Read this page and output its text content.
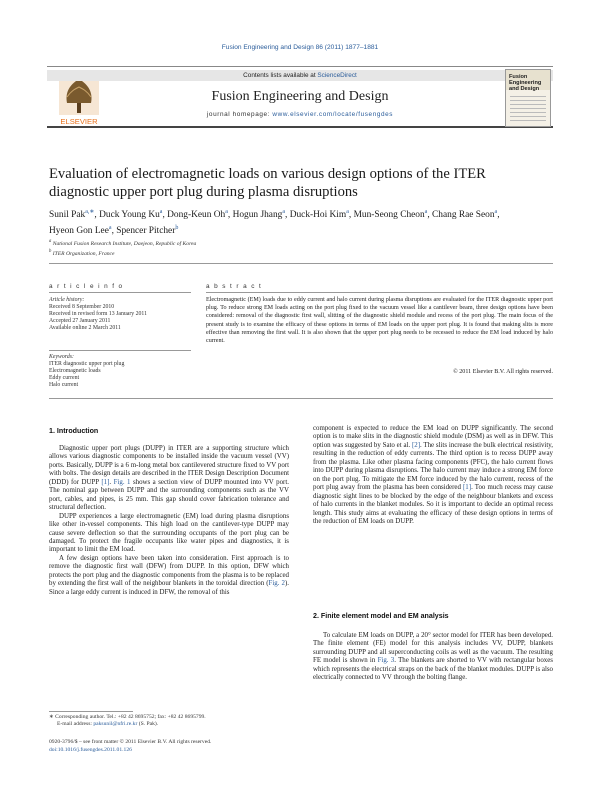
Fusion Engineering and Design 86 (2011) 1877–1881
ELSEVIER
Contents lists available at ScienceDirect
Fusion Engineering and Design
journal homepage: www.elsevier.com/locate/fusengdes
Fusion Engineering and Design
Evaluation of electromagnetic loads on various design options of the ITER diagnostic upper port plug during plasma disruptions
Sunil Pak$^{a,∗}$, Duck Young Ku$^a$, Dong-Keun Oh$^a$, Hogun Jhang$^a$, Duck-Hoi Kim$^a$, Mun-Seong Cheon$^a$, Chang Rae Seon$^a$, Hyeon Gon Lee$^a$, Spencer Pitcher$^b$
$^a$ National Fusion Research Institute, Daejeon, Republic of Korea
$^b$ ITER Organization, France
a r t i c l e i n f o
Article history:
Received 8 September 2010
Received in revised form 13 January 2011
Accepted 27 January 2011
Available online 2 March 2011
Keywords:
ITER diagnostic upper port plug
Electromagnetic loads
Eddy current
Halo current
a b s t r a c t
Electromagnetic (EM) loads due to eddy current and halo current during plasma disruptions are evaluated for the ITER diagnostic upper port plug. To reduce strong EM loads acting on the port plug fixed to the vacuum vessel like a cantilever beam, three design options have been considered: removal of the diagnostic first wall, slitting of the diagnostic shield module and recess of the port plug. The main focus of the present study is to examine the efficacy of these options in terms of EM loads on the upper port plug. It is found that making slits is more effective than removing the first wall. It is also shown that the upper port plug needs to be recessed to reduce the EM load induced by halo current.
© 2011 Elsevier B.V. All rights reserved.
1. Introduction

Diagnostic upper port plugs (DUPP) in ITER are a supporting structure which allows various diagnostic components to be installed inside the vacuum vessel (VV) ports. Basically, DUPP is a 6 m-long metal box cantilevered structure fixed to VV port with bolts. The design details are described in the ITER Design Description Document (DDD) for DUPP [1]. Fig. 1 shows a section view of DUPP mounted into VV port. The nominal gap between DUPP and the surrounding components such as the VV port, cables, and pipes, is 25 mm. This gap should cover fabrication tolerance and structural deflection.

DUPP experiences a large electromagnetic (EM) load during plasma disruptions like other in-vessel components. This high load on the cantilever-type DUPP may cause severe deflection so that the surrounding occupants of the port plug can be damaged. To protect the fragile occupants like water pipes and diagnostics, it is important to limit the EM load.

A few design options have been taken into consideration. First approach is to remove the diagnostic first wall (DFW) from DUPP. In this option, DFW which protects the port plug and the diagnostic components from the plasma is to be replaced by extending the first wall of the neighbour blankets in the toroidal direction (Fig. 2). Since a large eddy current is induced in DFW, the removal of this

∗ Corresponding author. Tel.: +82 42 8695752; fax: +82 42 8695799.
E-mail address: paksunil@nfri.re.kr (S. Pak).
0920-3796/$ – see front matter © 2011 Elsevier B.V. All rights reserved.
doi:10.1016/j.fusengdes.2011.01.126

component is expected to reduce the EM load on DUPP significantly. The second option is to make slits in the diagnostic shield module (DSM) as well as in DFW. This option was suggested by Sato et al. [2]. The slits increase the bulk electrical resistivity, resulting in the reduction of eddy currents. The third option is to recess DUPP away from the plasma. Like other plasma facing components (PFC), the halo current flows into DUPP during plasma disruptions. The halo current may induce a strong EM force on the port plug. To mitigate the EM force induced by the halo current, recess of the port plug away from the plasma has been considered [1]. Too much recess may cause diagnostic sight lines to be blocked by the edge of the neighbour blankets and excess of halo currents in the blanket modules. So it is important to decide an optimal recess length. This study aims at evaluating the efficacy of these design options in terms of the reduction of EM loads on DUPP.

2. Finite element model and EM analysis

To calculate EM loads on DUPP, a 20° sector model for ITER has been developed. The finite element (FE) model for this analysis includes VV, DUPP, blankets surrounding DUPP and all superconducting coils as well as the vacuum. The resulting FE model is shown in Fig. 3. The blankets are shorted to VV with rectangular boxes which represents the electrical straps on the back of the blanket modules. DUPP is also electrically connected to VV through the bolting flange.
